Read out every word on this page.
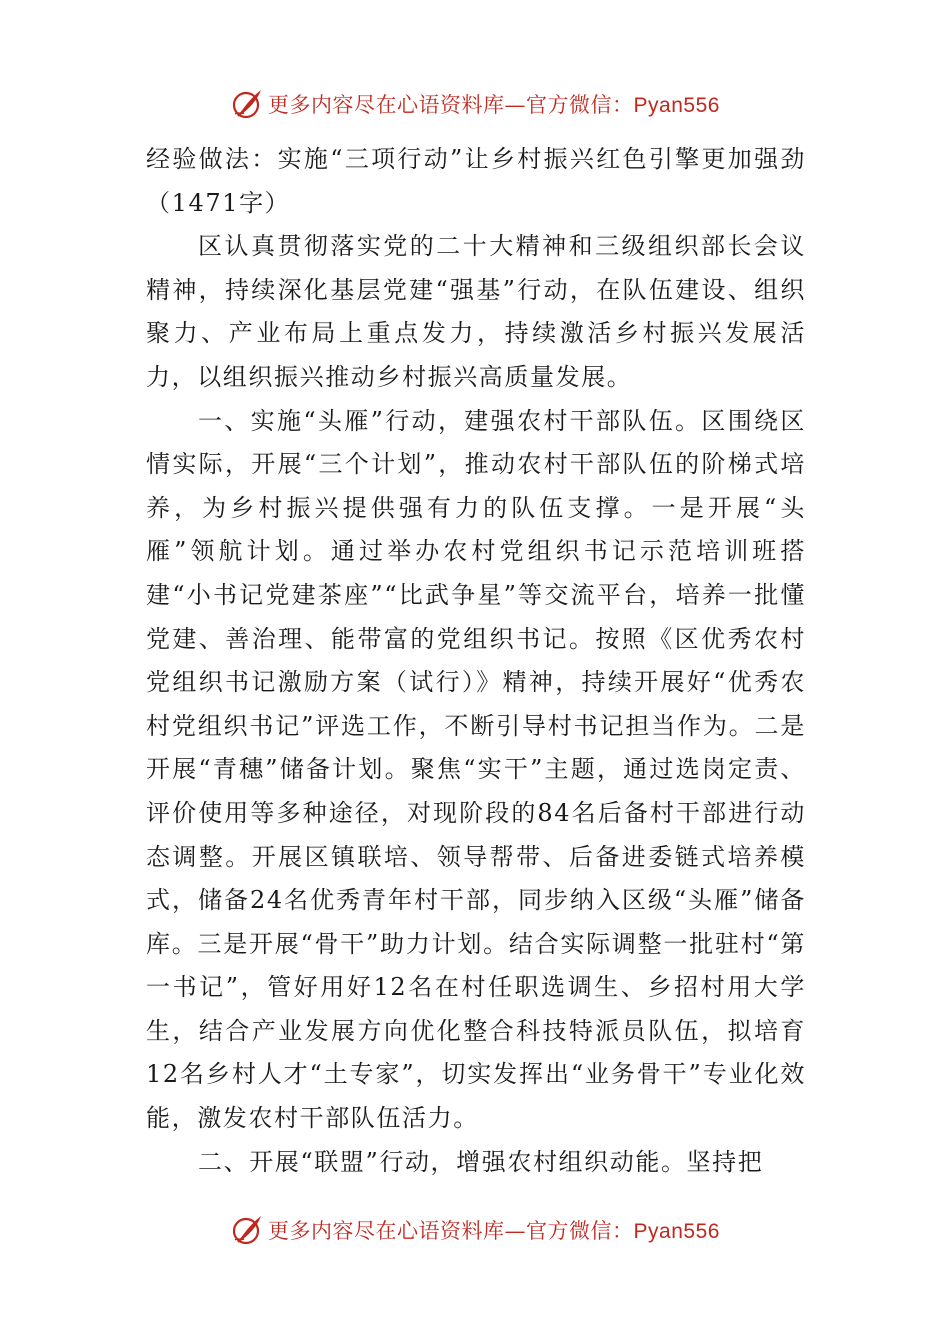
更多内容尽在心语资料库—官方微信：Pyan556

经验做法：实施“三项行动”让乡村振兴红色引擎更加强劲（1471字）

区认真贯彻落实党的二十大精神和三级组织部长会议精神，持续深化基层党建“强基”行动，在队伍建设、组织聚力、产业布局上重点发力，持续激活乡村振兴发展活力，以组织振兴推动乡村振兴高质量发展。

一、实施“头雁”行动，建强农村干部队伍。区围绕区情实际，开展“三个计划”，推动农村干部队伍的阶梯式培养，为乡村振兴提供强有力的队伍支撑。一是开展“头雁”领航计划。通过举办农村党组织书记示范培训班搭建“小书记党建茶座”“比武争星”等交流平台，培养一批懂党建、善治理、能带富的党组织书记。按照《区优秀农村党组织书记激励方案（试行）》精神，持续开展好“优秀农村党组织书记”评选工作，不断引导村书记担当作为。二是开展“青穗”储备计划。聚焦“实干”主题，通过选岗定责、评价使用等多种途径，对现阶段的84名后备村干部进行动态调整。开展区镇联培、领导帮带、后备进委链式培养模式，储备24名优秀青年村干部，同步纳入区级“头雁”储备库。三是开展“骨干”助力计划。结合实际调整一批驻村“第一书记”，管好用好12名在村任职选调生、乡招村用大学生，结合产业发展方向优化整合科技特派员队伍，拟培育12名乡村人才“土专家”，切实发挥出“业务骨干”专业化效能，激发农村干部队伍活力。

二、开展“联盟”行动，增强农村组织动能。坚持把

更多内容尽在心语资料库—官方微信：Pyan556
